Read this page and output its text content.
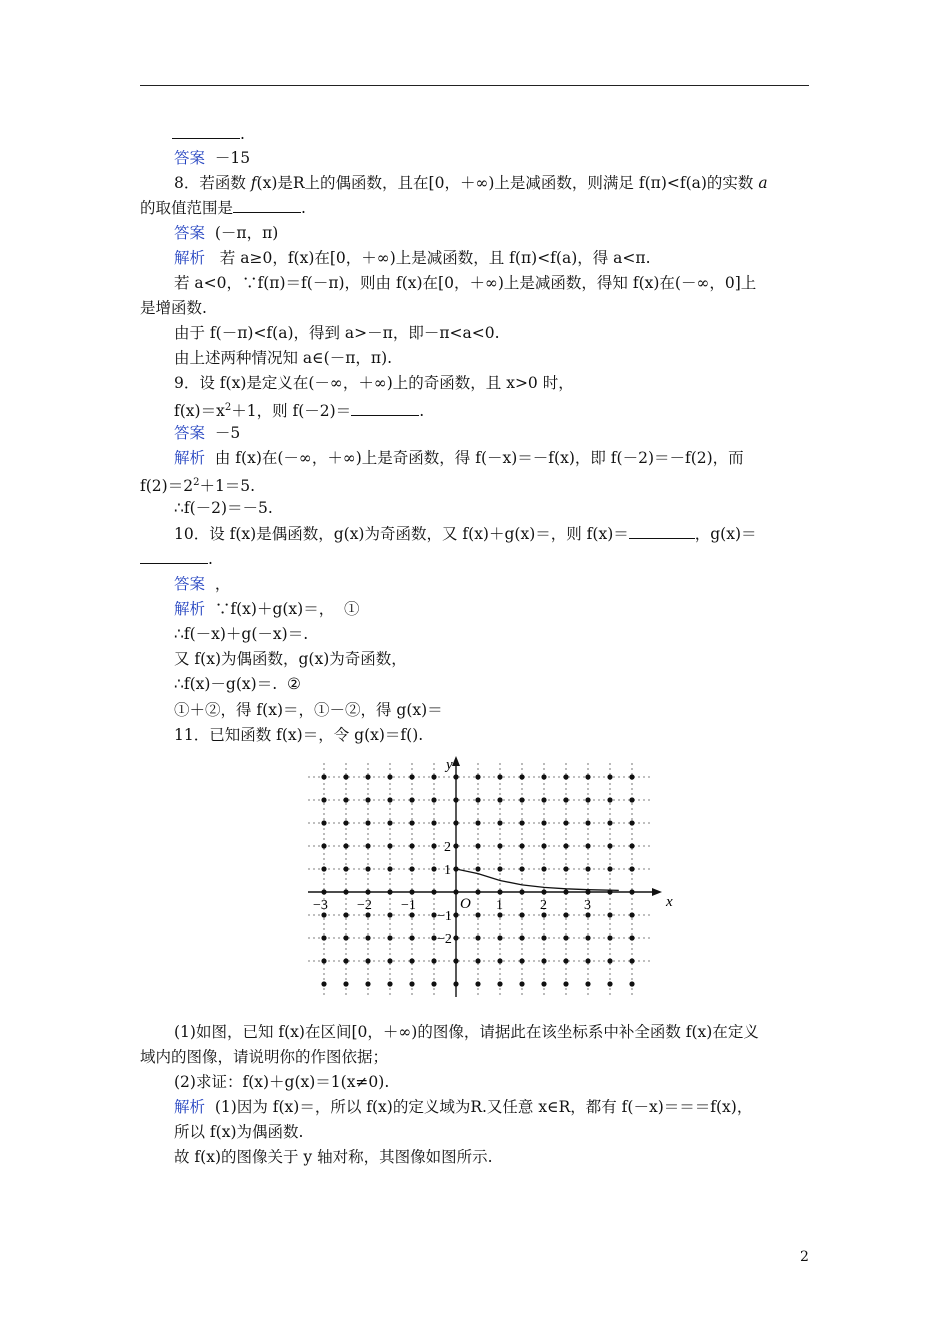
.
答案 －15
8．若函数 f(x)是R上的偶函数，且在[0，＋∞)上是减函数，则满足 f(π)<f(a)的实数 a
的取值范围是	.
答案 (－π，π)
解析 若 a≥0，f(x)在[0，＋∞)上是减函数，且 f(π)<f(a)，得 a<π.
若 a<0，∵f(π)＝f(－π)，则由 f(x)在[0，＋∞)上是减函数，得知 f(x)在(－∞，0]上
是增函数.
由于 f(－π)<f(a)，得到 a>－π，即－π<a<0.
由上述两种情况知 a∈(－π，π).
9．设 f(x)是定义在(－∞，＋∞)上的奇函数，且 x>0 时，
$f(x)=x^2+1$，则 f(－2)＝	.
答案 －5
解析 由 f(x)在(－∞，＋∞)上是奇函数，得 f(－x)＝－f(x)，即 f(－2)＝－f(2)，而
$f(2)=2^2+1=5$.
∴f(－2)＝－5.
10．设 f(x)是偶函数，g(x)为奇函数，又 f(x)＋g(x)＝，则 f(x)＝	，g(x)＝
.
答案 ，
解析 ∵f(x)＋g(x)＝，  ①
∴f(－x)＋g(－x)＝.
又 f(x)为偶函数，g(x)为奇函数，
∴f(x)－g(x)＝.  ②
①＋②，得 f(x)＝，①－②，得 g(x)＝
11．已知函数 f(x)＝，令 g(x)＝f().
x
y
O
−3 −2 −1	1	2	3
2
1
−1
−2
(1)如图，已知 f(x)在区间[0，＋∞)的图像，请据此在该坐标系中补全函数 f(x)在定义
域内的图像，请说明你的作图依据；
(2)求证：f(x)＋g(x)＝1(x≠0).
解析 (1)因为 f(x)＝，所以 f(x)的定义域为R.又任意 x∈R，都有 f(－x)＝＝＝f(x)，
所以 f(x)为偶函数.
故 f(x)的图像关于 y 轴对称，其图像如图所示.
2
